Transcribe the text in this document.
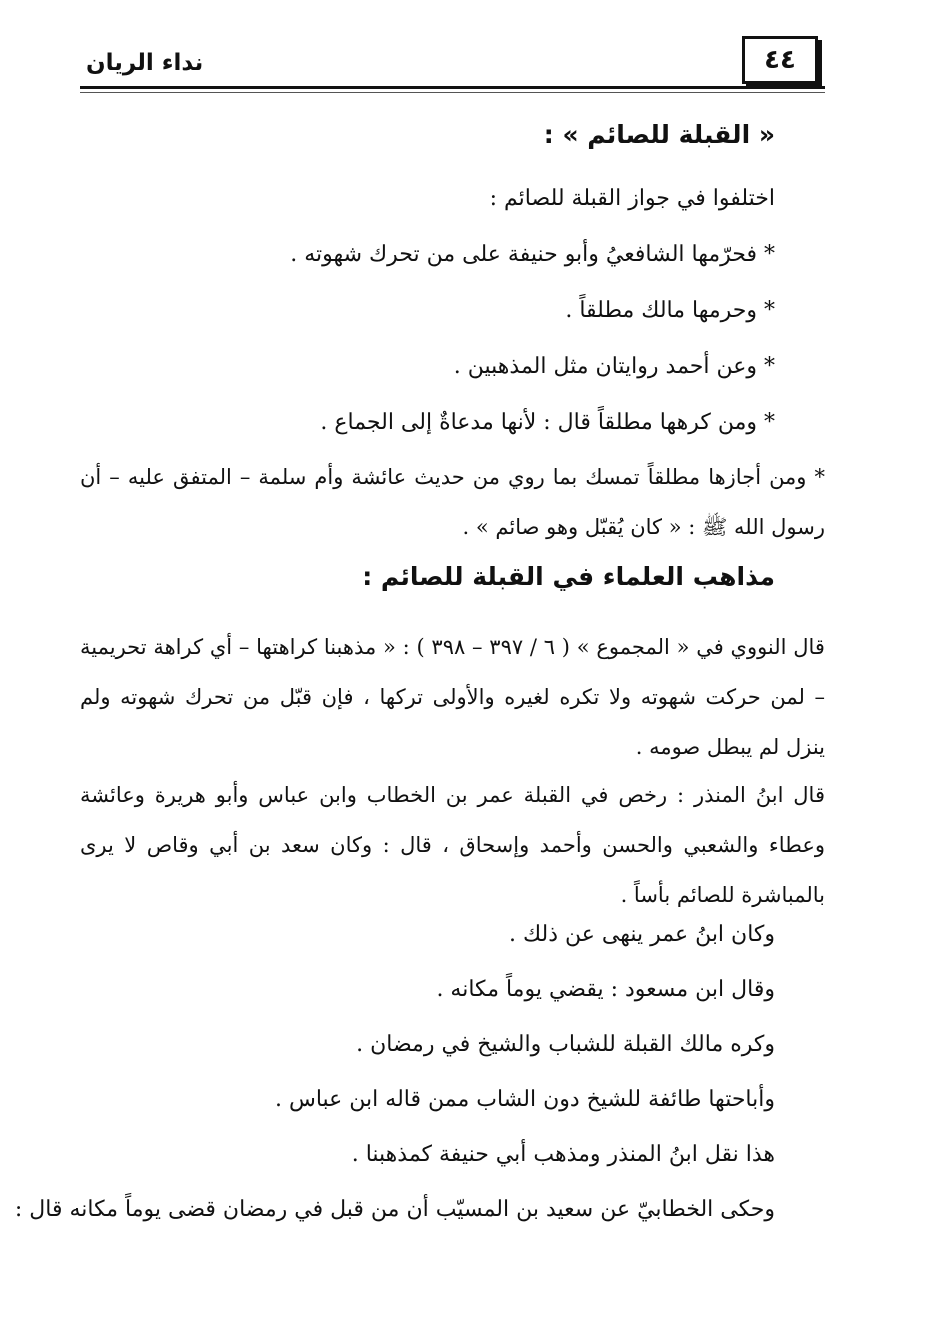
٤٤
نداء الريان
« القبلة للصائم » :
اختلفوا في جواز القبلة للصائم :
* فحرّمها الشافعيُ وأبو حنيفة على من تحرك شهوته .
* وحرمها مالك مطلقاً .
* وعن أحمد روايتان مثل المذهبين .
* ومن كرهها مطلقاً قال : لأنها مدعاةٌ إلى الجماع .
* ومن أجازها مطلقاً تمسك بما روي من حديث عائشة وأم سلمة – المتفق عليه – أن رسول الله ﷺ : « كان يُقبّل وهو صائم » .
مذاهب العلماء في القبلة للصائم :
قال النووي في « المجموع » ( ٦ / ٣٩٧ – ٣٩٨ ) : « مذهبنا كراهتها – أي كراهة تحريمية – لمن حركت شهوته ولا تكره لغيره والأولى تركها ، فإن قبّل من تحرك شهوته ولم ينزل لم يبطل صومه .
قال ابنُ المنذر : رخص في القبلة عمر بن الخطاب وابن عباس وأبو هريرة وعائشة وعطاء والشعبي والحسن وأحمد وإسحاق ، قال : وكان سعد بن أبي وقاص لا يرى بالمباشرة للصائم بأساً .
وكان ابنُ عمر ينهى عن ذلك .
وقال ابن مسعود : يقضي يوماً مكانه .
وكره مالك القبلة للشباب والشيخ في رمضان .
وأباحتها طائفة للشيخ دون الشاب ممن قاله ابن عباس .
هذا نقل ابنُ المنذر ومذهب أبي حنيفة كمذهبنا .
وحكى الخطابيّ عن سعيد بن المسيّب أن من قبل في رمضان قضى يوماً مكانه قال :
